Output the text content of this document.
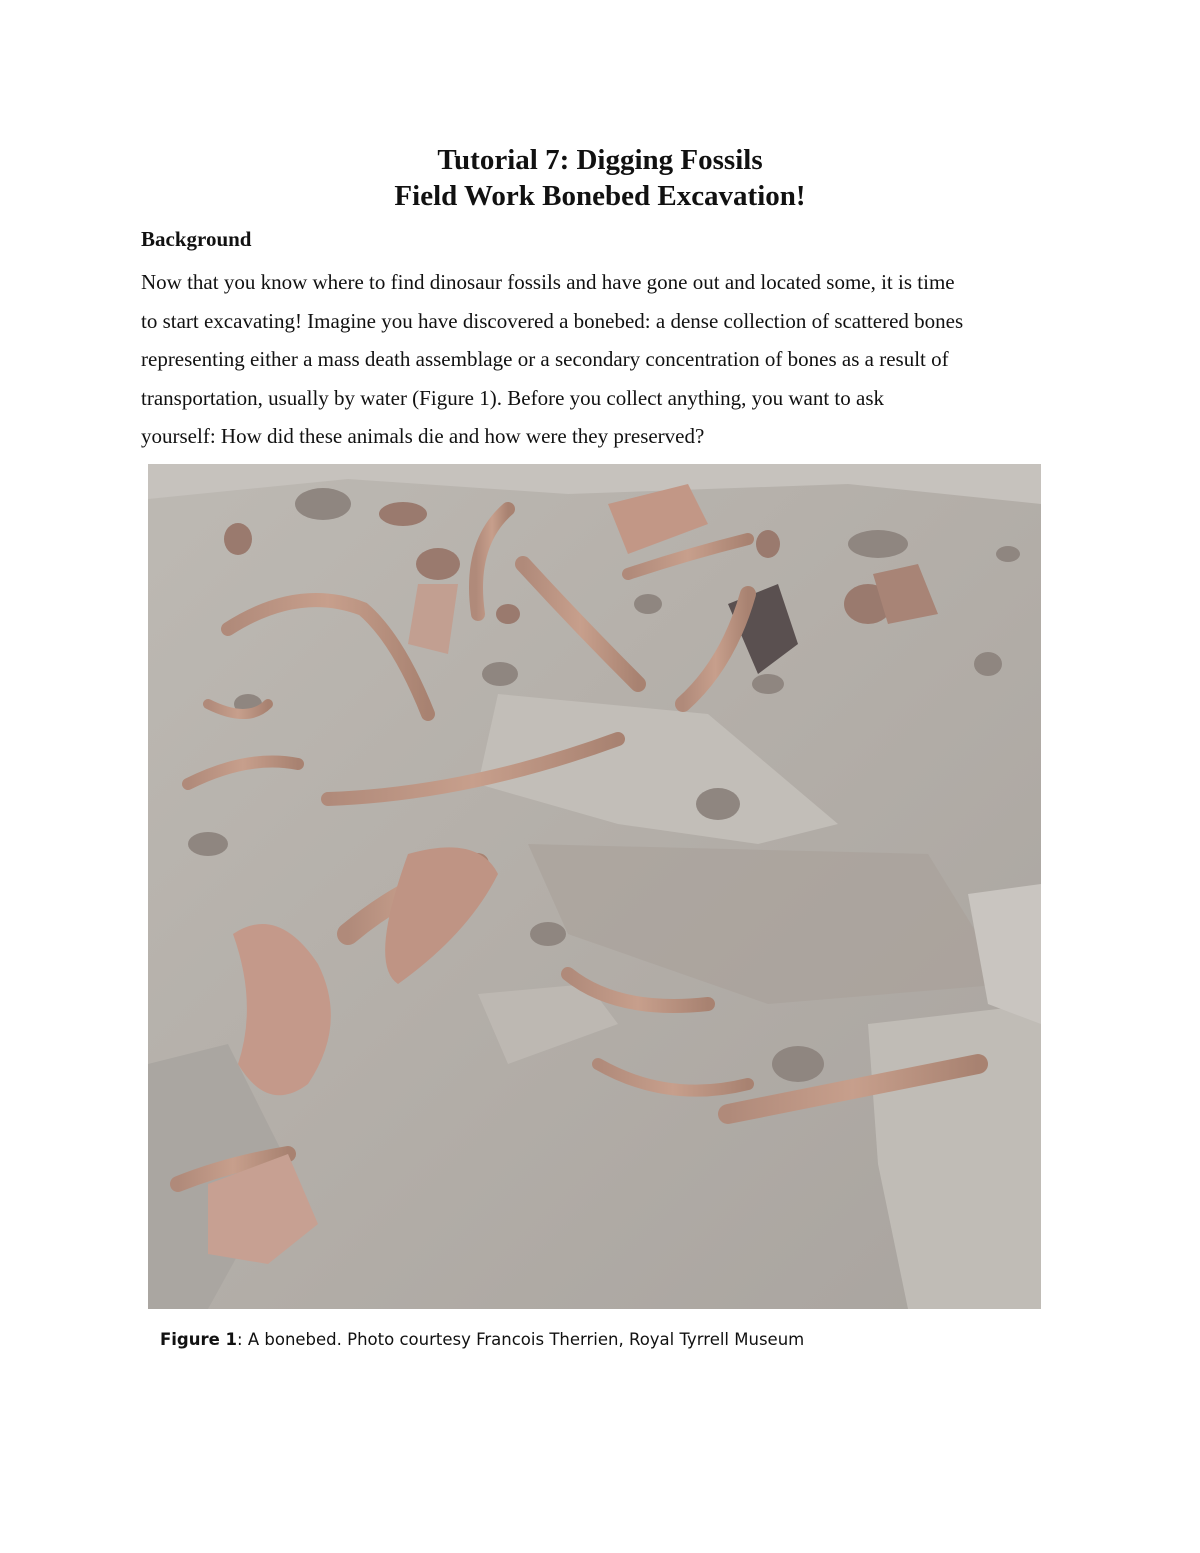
Tutorial 7: Digging Fossils
Field Work Bonebed Excavation!
Background
Now that you know where to find dinosaur fossils and have gone out and located some, it is time
to start excavating! Imagine you have discovered a bonebed: a dense collection of scattered bones
representing either a mass death assemblage or a secondary concentration of bones as a result of
transportation, usually by water (Figure 1). Before you collect anything, you want to ask
yourself: How did these animals die and how were they preserved?
Figure 1: A bonebed. Photo courtesy Francois Therrien, Royal Tyrrell Museum
